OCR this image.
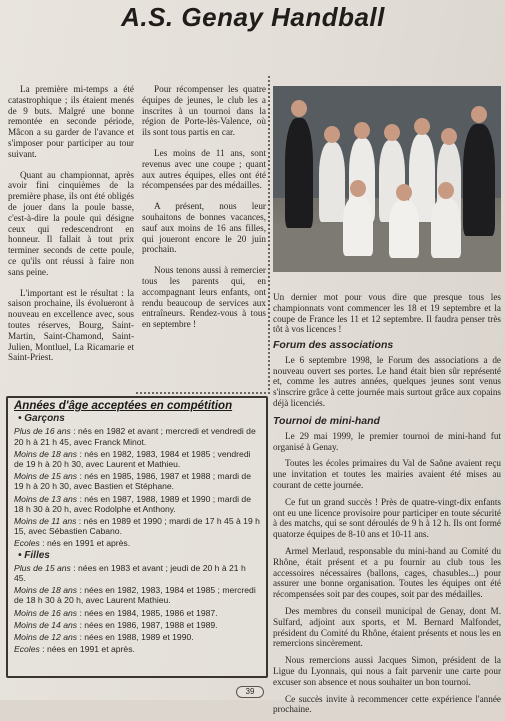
A.S. Genay Handball

La première mi-temps a été catastrophique ; ils étaient menés de 9 buts. Malgré une bonne remontée en seconde période, Mâcon a su garder de l'avance et s'imposer pour participer au tour suivant.

Quant au championnat, après avoir fini cinquièmes de la première phase, ils ont été obligés de jouer dans la poule basse, c'est-à-dire la poule qui désigne ceux qui redescendront en honneur. Il fallait à tout prix terminer seconds de cette poule, ce qu'ils ont réussi à faire non sans peine.

L'important est le résultat : la saison prochaine, ils évolueront à nouveau en excellence avec, sous toutes réserves, Bourg, Saint-Martin, Saint-Chamond, Saint-Julien, Montluel, La Ricamarie et Saint-Priest.

Pour récompenser les quatre équipes de jeunes, le club les a inscrites à un tournoi dans la région de Porte-lès-Valence, où ils sont tous partis en car.

Les moins de 11 ans, sont revenus avec une coupe ; quant aux autres équipes, elles ont été récompensées par des médailles.

A présent, nous leur souhaitons de bonnes vacances, sauf aux moins de 16 ans filles, qui joueront encore le 20 juin prochain.

Nous tenons aussi à remercier tous les parents qui, en accompagnant leurs enfants, ont rendu beaucoup de services aux entraîneurs. Rendez-vous à tous en septembre !

Un dernier mot pour vous dire que presque tous les championnats vont commencer les 18 et 19 septembre et la coupe de France les 11 et 12 septembre. Il faudra penser très tôt à vos licences !
Forum des associations

Le 6 septembre 1998, le Forum des associations a de nouveau ouvert ses portes. Le hand était bien sûr représenté et, comme les autres années, quelques jeunes sont venus s'inscrire grâce à cette journée mais surtout grâce aux copains déjà licenciés.

Tournoi de mini-hand

Le 29 mai 1999, le premier tournoi de mini-hand fut organisé à Genay.

Toutes les écoles primaires du Val de Saône avaient reçu une invitation et toutes les mairies avaient été mises au courant de cette journée.

Ce fut un grand succès ! Près de quatre-vingt-dix enfants ont eu une licence provisoire pour participer en toute sécurité à des matchs, qui se sont déroulés de 9 h à 12 h. Ils ont formé quatorze équipes de 8-10 ans et 10-11 ans.

Armel Merlaud, responsable du mini-hand au Comité du Rhône, était présent et a pu fournir au club tous les accessoires nécessaires (ballons, cages, chasubles...) pour assurer une bonne organisation. Toutes les équipes ont été récompensées soit par des coupes, soit par des médailles.

Des membres du conseil municipal de Genay, dont M. Sulfard, adjoint aux sports, et M. Bernard Malfondet, président du Comité du Rhône, étaient présents et nous les en remercions sincèrement.

Nous remercions aussi Jacques Simon, président de la Ligue du Lyonnais, qui nous a fait parvenir une carte pour excuser son absence et nous souhaiter un bon tournoi.

Ce succès invite à recommencer cette expérience l'année prochaine.

Années d'âge acceptées en compétition
• Garçons
Plus de 16 ans : nés en 1982 et avant ; mercredi et vendredi de 20 h à 21 h 45, avec Franck Minot.
Moins de 18 ans : nés en 1982, 1983, 1984 et 1985 ; vendredi de 19 h à 20 h 30, avec Laurent et Mathieu.
Moins de 15 ans : nés en 1985, 1986, 1987 et 1988 ; mardi de 19 h à 20 h 30, avec Bastien et Stéphane.
Moins de 13 ans : nés en 1987, 1988, 1989 et 1990 ; mardi de 18 h 30 à 20 h, avec Rodolphe et Anthony.
Moins de 11 ans : nés en 1989 et 1990 ; mardi de 17 h 45 à 19 h 15, avec Sébastien Cabano.
Ecoles : nés en 1991 et après.
• Filles
Plus de 15 ans : nées en 1983 et avant ; jeudi de 20 h à 21 h 45.
Moins de 18 ans : nées en 1982, 1983, 1984 et 1985 ; mercredi de 18 h 30 à 20 h, avec Laurent Mathieu.
Moins de 16 ans : nées en 1984, 1985, 1986 et 1987.
Moins de 14 ans : nées en 1986, 1987, 1988 et 1989.
Moins de 12 ans : nées en 1988, 1989 et 1990.
Ecoles : nées en 1991 et après.
39
